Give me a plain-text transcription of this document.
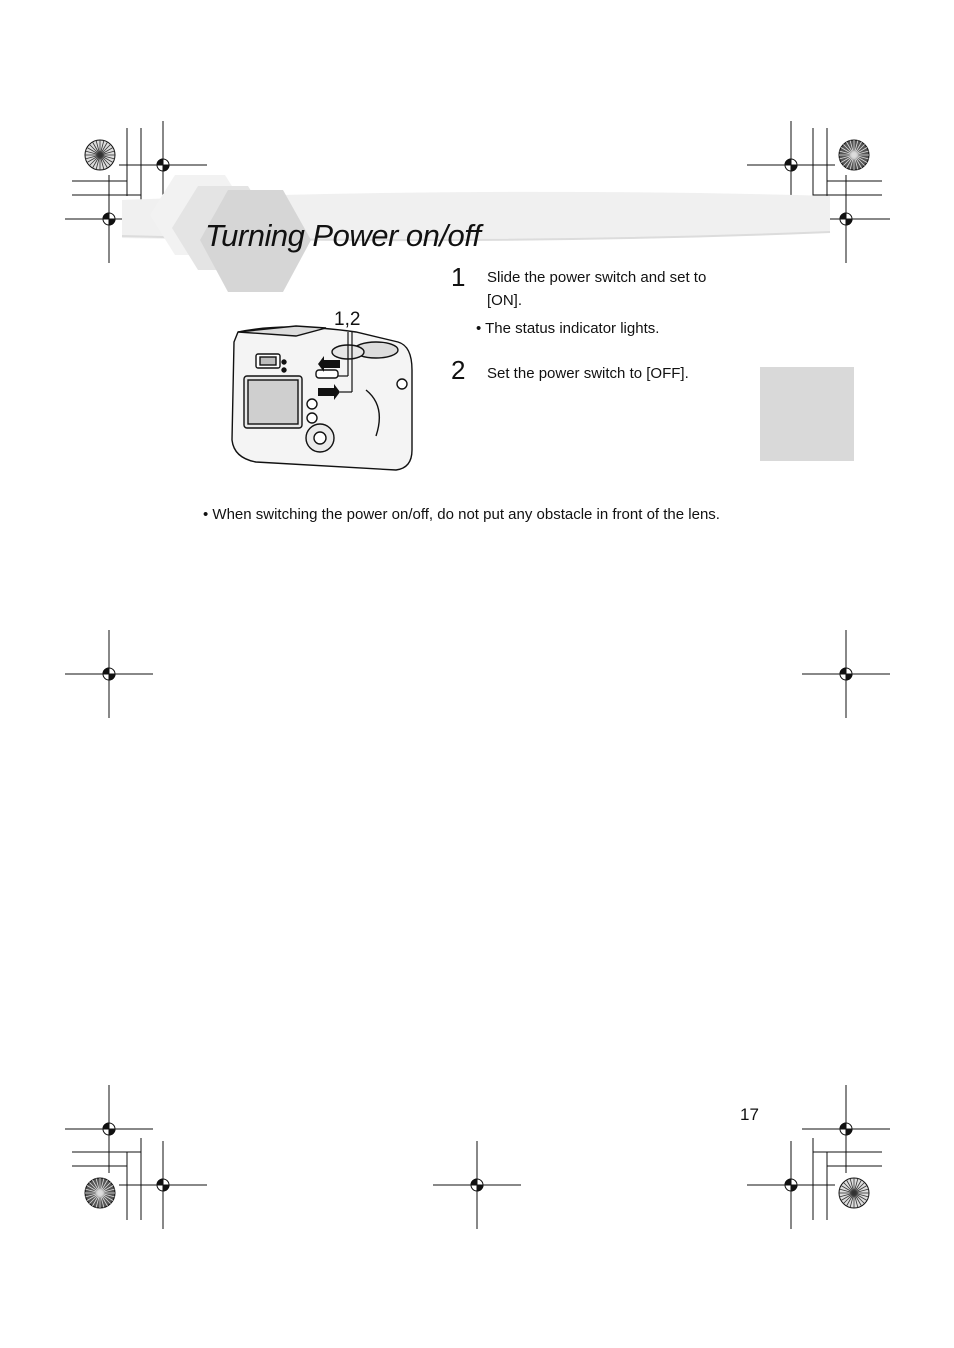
Turning Power on/off
1,2
1 Slide the power switch and set to [ON].
• The status indicator lights.
2 Set the power switch to [OFF].
• When switching the power on/off, do not put any obstacle in front of the lens.
17
